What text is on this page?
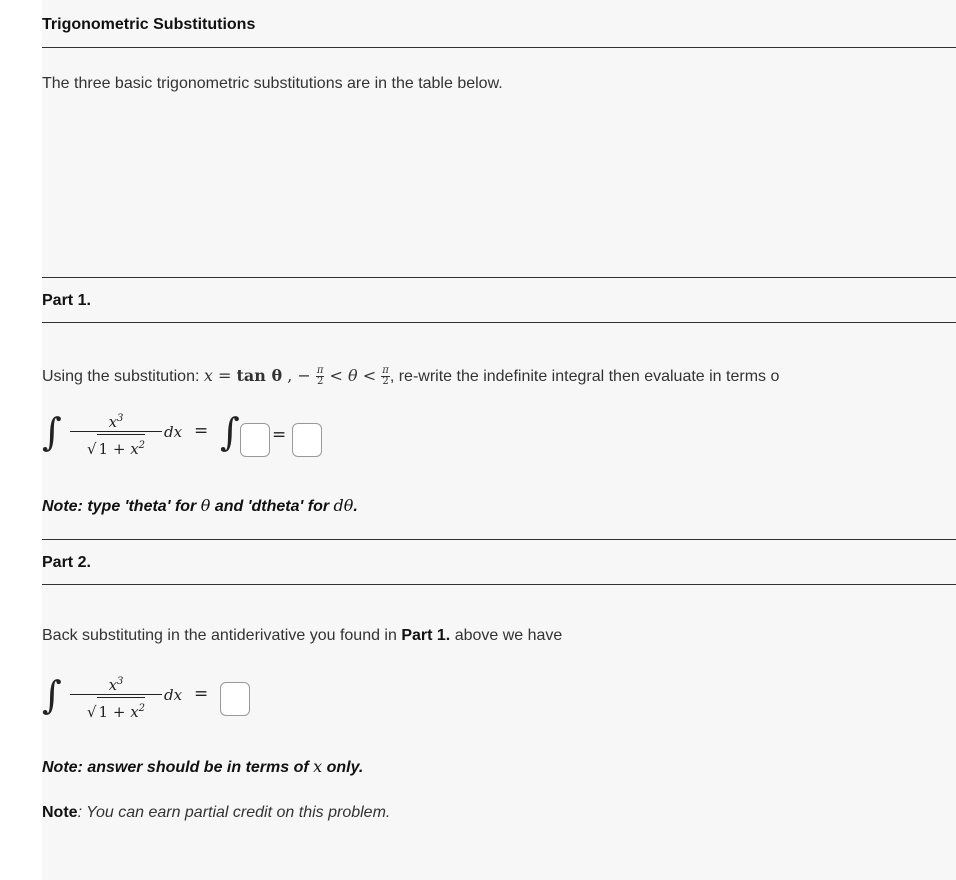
Trigonometric Substitutions
The three basic trigonometric substitutions are in the table below.
Part 1.
Using the substitution: x = tan θ , − $\frac{\pi}{2} < \theta < \frac{\pi}{2}$ , re-write the indefinite integral then evaluate in terms o
∫	$x^3$
√ $1 + x^2$
dx = ∫ =
Note: type 'theta' for θ and 'dtheta' for dθ.
Part 2.
Back substituting in the antiderivative you found in Part 1. above we have
∫	$x^3$
√ $1 + x^2$
dx =
Note: answer should be in terms of x only.
Note: You can earn partial credit on this problem.
